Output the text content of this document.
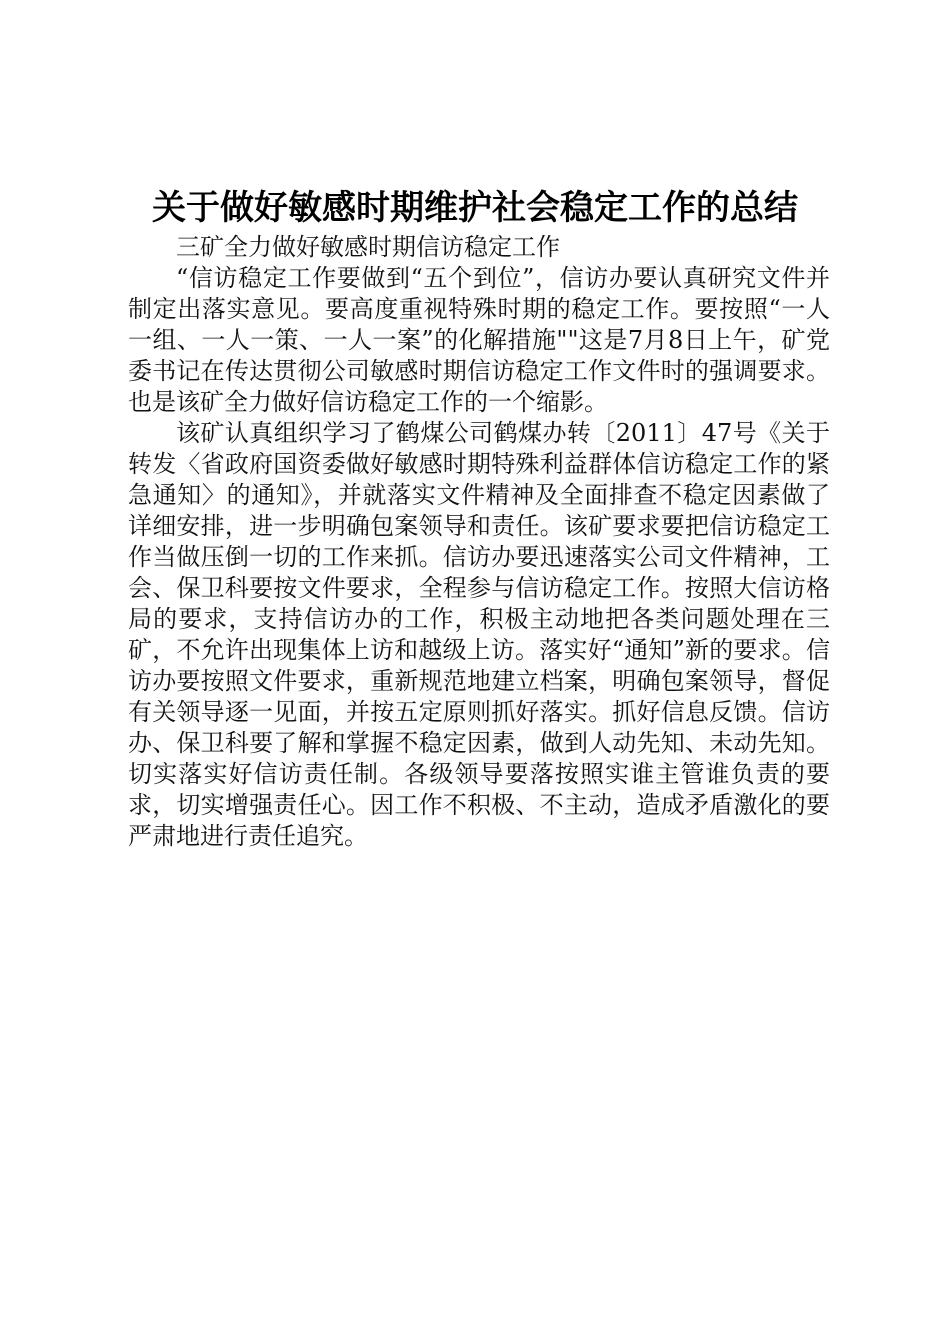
关于做好敏感时期维护社会稳定工作的总结

三矿全力做好敏感时期信访稳定工作

“信访稳定工作要做到“五个到位”，信访办要认真研究文件并制定出落实意见。要高度重视特殊时期的稳定工作。要按照“一人一组、一人一策、一人一案”的化解措施""这是7月8日上午，矿党委书记在传达贯彻公司敏感时期信访稳定工作文件时的强调要求。也是该矿全力做好信访稳定工作的一个缩影。

该矿认真组织学习了鹤煤公司鹤煤办转〔2011〕47号《关于转发〈省政府国资委做好敏感时期特殊利益群体信访稳定工作的紧急通知〉的通知》，并就落实文件精神及全面排查不稳定因素做了详细安排，进一步明确包案领导和责任。该矿要求要把信访稳定工作当做压倒一切的工作来抓。信访办要迅速落实公司文件精神，工会、保卫科要按文件要求，全程参与信访稳定工作。按照大信访格局的要求，支持信访办的工作，积极主动地把各类问题处理在三矿，不允许出现集体上访和越级上访。落实好“通知”新的要求。信访办要按照文件要求，重新规范地建立档案，明确包案领导，督促有关领导逐一见面，并按五定原则抓好落实。抓好信息反馈。信访办、保卫科要了解和掌握不稳定因素，做到人动先知、未动先知。切实落实好信访责任制。各级领导要落按照实谁主管谁负责的要求，切实增强责任心。因工作不积极、不主动，造成矛盾激化的要严肃地进行责任追究。
